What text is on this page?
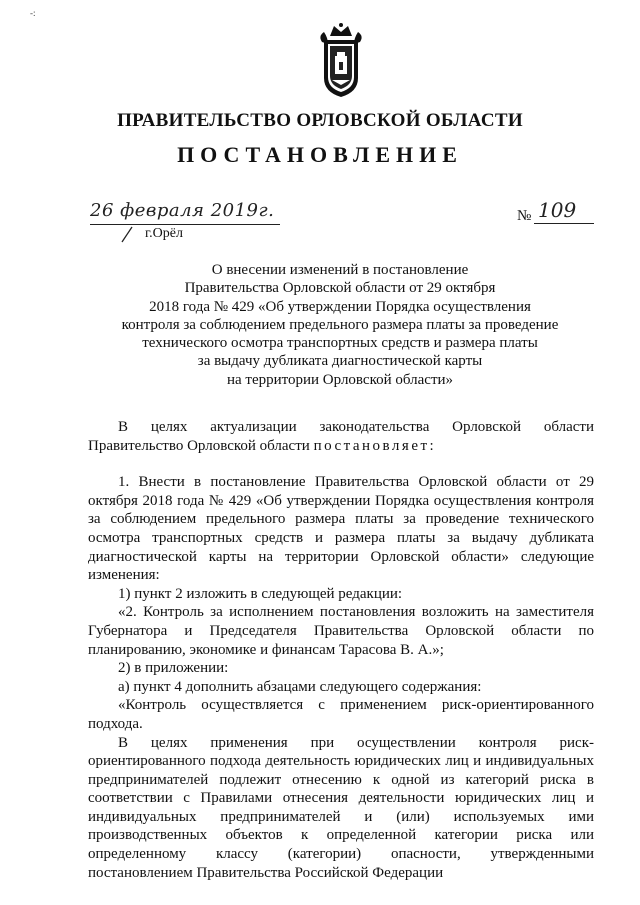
-:
ПРАВИТЕЛЬСТВО ОРЛОВСКОЙ ОБЛАСТИ
ПОСТАНОВЛЕНИЕ
26 февраля 2019г.
г.Орёл
№ 109
О внесении изменений в постановление
Правительства Орловской области от 29 октября
2018 года № 429 «Об утверждении Порядка осуществления
контроля за соблюдением предельного размера платы за проведение
технического осмотра транспортных средств и размера платы
за выдачу дубликата диагностической карты
на территории Орловской области»

В целях актуализации законодательства Орловской области Правительство Орловской области постановляет:

1. Внести в постановление Правительства Орловской области от 29 октября 2018 года № 429 «Об утверждении Порядка осуществления контроля за соблюдением предельного размера платы за проведение технического осмотра транспортных средств и размера платы за выдачу дубликата диагностической карты на территории Орловской области» следующие изменения:

1) пункт 2 изложить в следующей редакции:

«2. Контроль за исполнением постановления возложить на заместителя Губернатора и Председателя Правительства Орловской области по планированию, экономике и финансам Тарасова В. А.»;

2) в приложении:

а) пункт 4 дополнить абзацами следующего содержания:

«Контроль осуществляется с применением риск-ориентированного подхода.

В целях применения при осуществлении контроля риск-ориентированного подхода деятельность юридических лиц и индивидуальных предпринимателей подлежит отнесению к одной из категорий риска в соответствии с Правилами отнесения деятельности юридических лиц и индивидуальных предпринимателей и (или) используемых ими производственных объектов к определенной категории риска или определенному классу (категории) опасности, утвержденными постановлением Правительства Российской Федерации
